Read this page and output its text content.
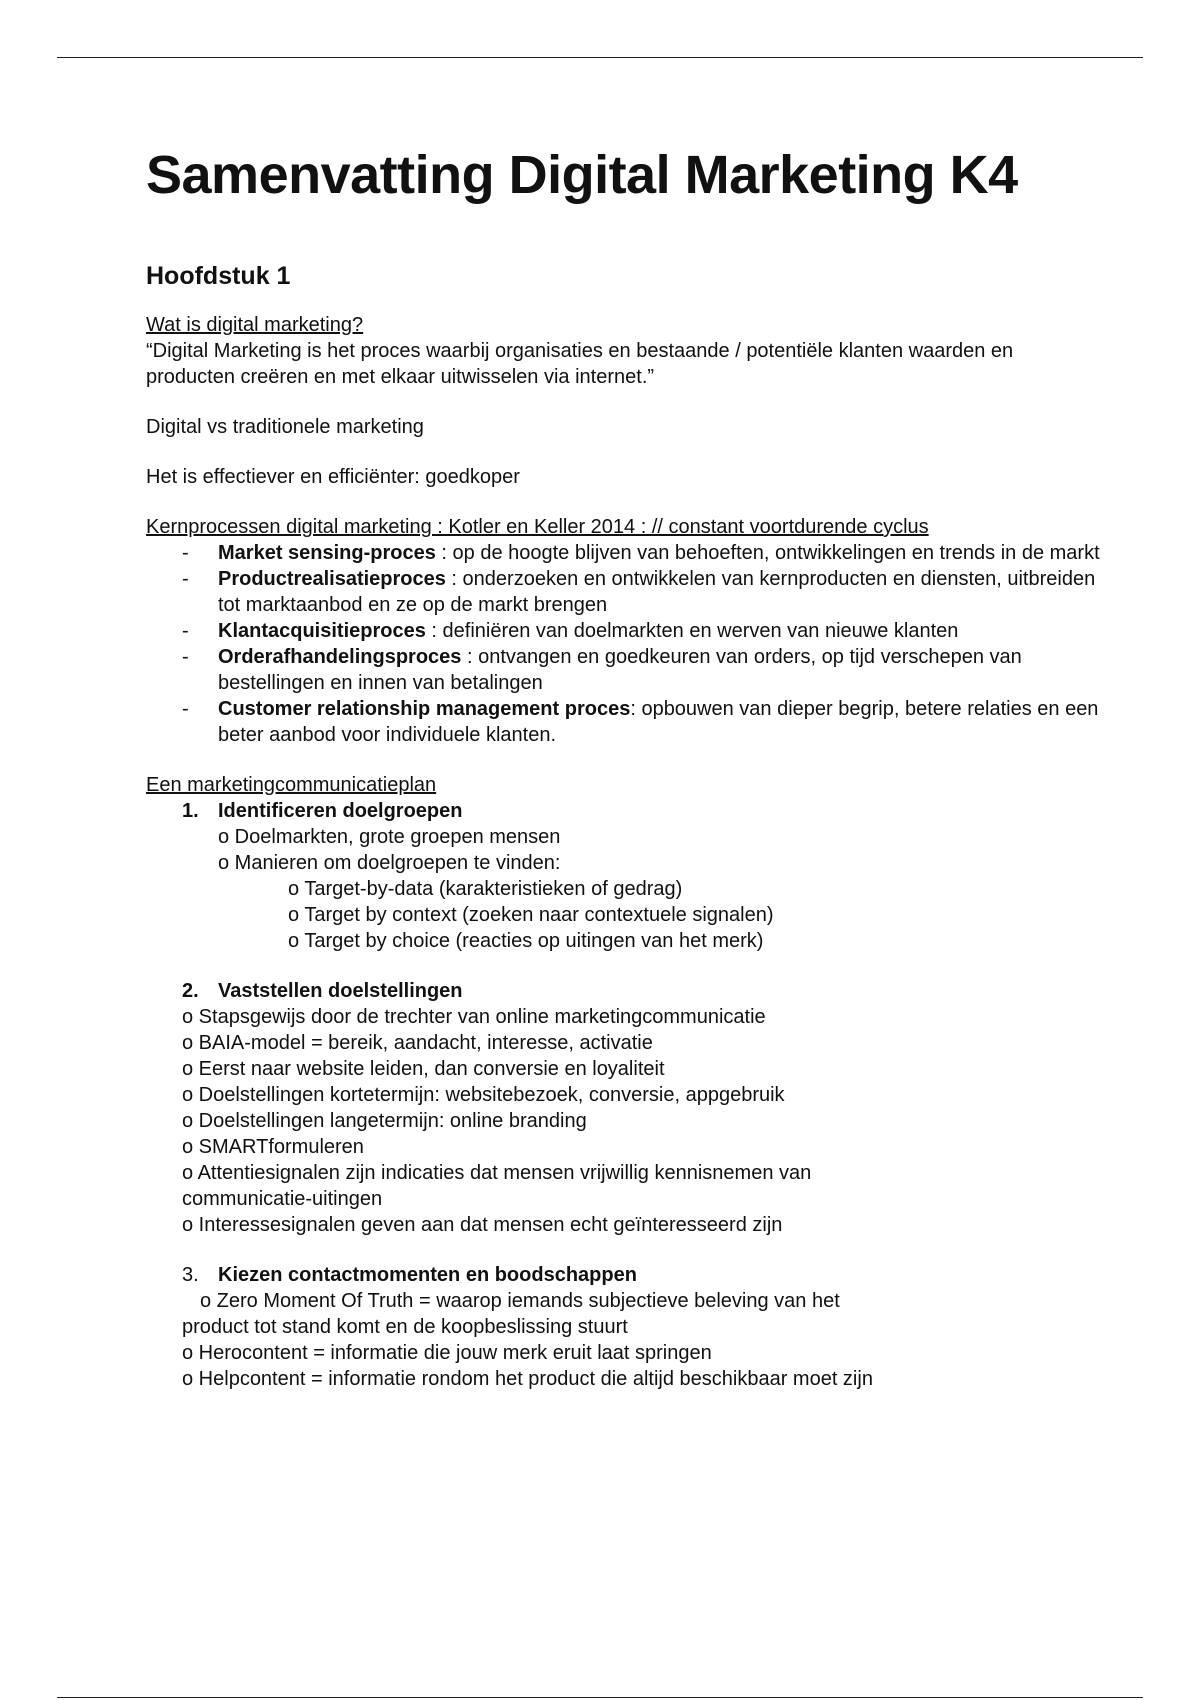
Samenvatting Digital Marketing K4
Hoofdstuk 1

Wat is digital marketing?

“Digital Marketing is het proces waarbij organisaties en bestaande / potentiële klanten waarden en producten creëren en met elkaar uitwisselen via internet.”

Digital vs traditionele marketing

Het is effectiever en efficiënter: goedkoper

Kernprocessen digital marketing : Kotler en Keller 2014 : // constant voortdurende cyclus

- Market sensing-proces : op de hoogte blijven van behoeften, ontwikkelingen en trends in de markt
- Productrealisatieproces : onderzoeken en ontwikkelen van kernproducten en diensten, uitbreiden tot marktaanbod en ze op de markt brengen
- Klantacquisitieproces : definiëren van doelmarkten en werven van nieuwe klanten
- Orderafhandelingsproces : ontvangen en goedkeuren van orders, op tijd verschepen van bestellingen en innen van betalingen
- Customer relationship management proces: opbouwen van dieper begrip, betere relaties en een beter aanbod voor individuele klanten.

Een marketingcommunicatieplan

1. Identificeren doelgroepen

o Doelmarkten, grote groepen mensen

o Manieren om doelgroepen te vinden:

o Target-by-data (karakteristieken of gedrag)

o Target by context (zoeken naar contextuele signalen)

o Target by choice (reacties op uitingen van het merk)

2. Vaststellen doelstellingen

o Stapsgewijs door de trechter van online marketingcommunicatie

o BAIA-model = bereik, aandacht, interesse, activatie

o Eerst naar website leiden, dan conversie en loyaliteit

o Doelstellingen kortetermijn: websitebezoek, conversie, appgebruik

o Doelstellingen langetermijn: online branding

o SMARTformuleren

o Attentiesignalen zijn indicaties dat mensen vrijwillig kennisnemen van communicatie-uitingen

o Interessesignalen geven aan dat mensen echt geïnteresseerd zijn

3. Kiezen contactmomenten en boodschappen

o Zero Moment Of Truth = waarop iemands subjectieve beleving van het product tot stand komt en de koopbeslissing stuurt

o Herocontent = informatie die jouw merk eruit laat springen

o Helpcontent = informatie rondom het product die altijd beschikbaar moet zijn
